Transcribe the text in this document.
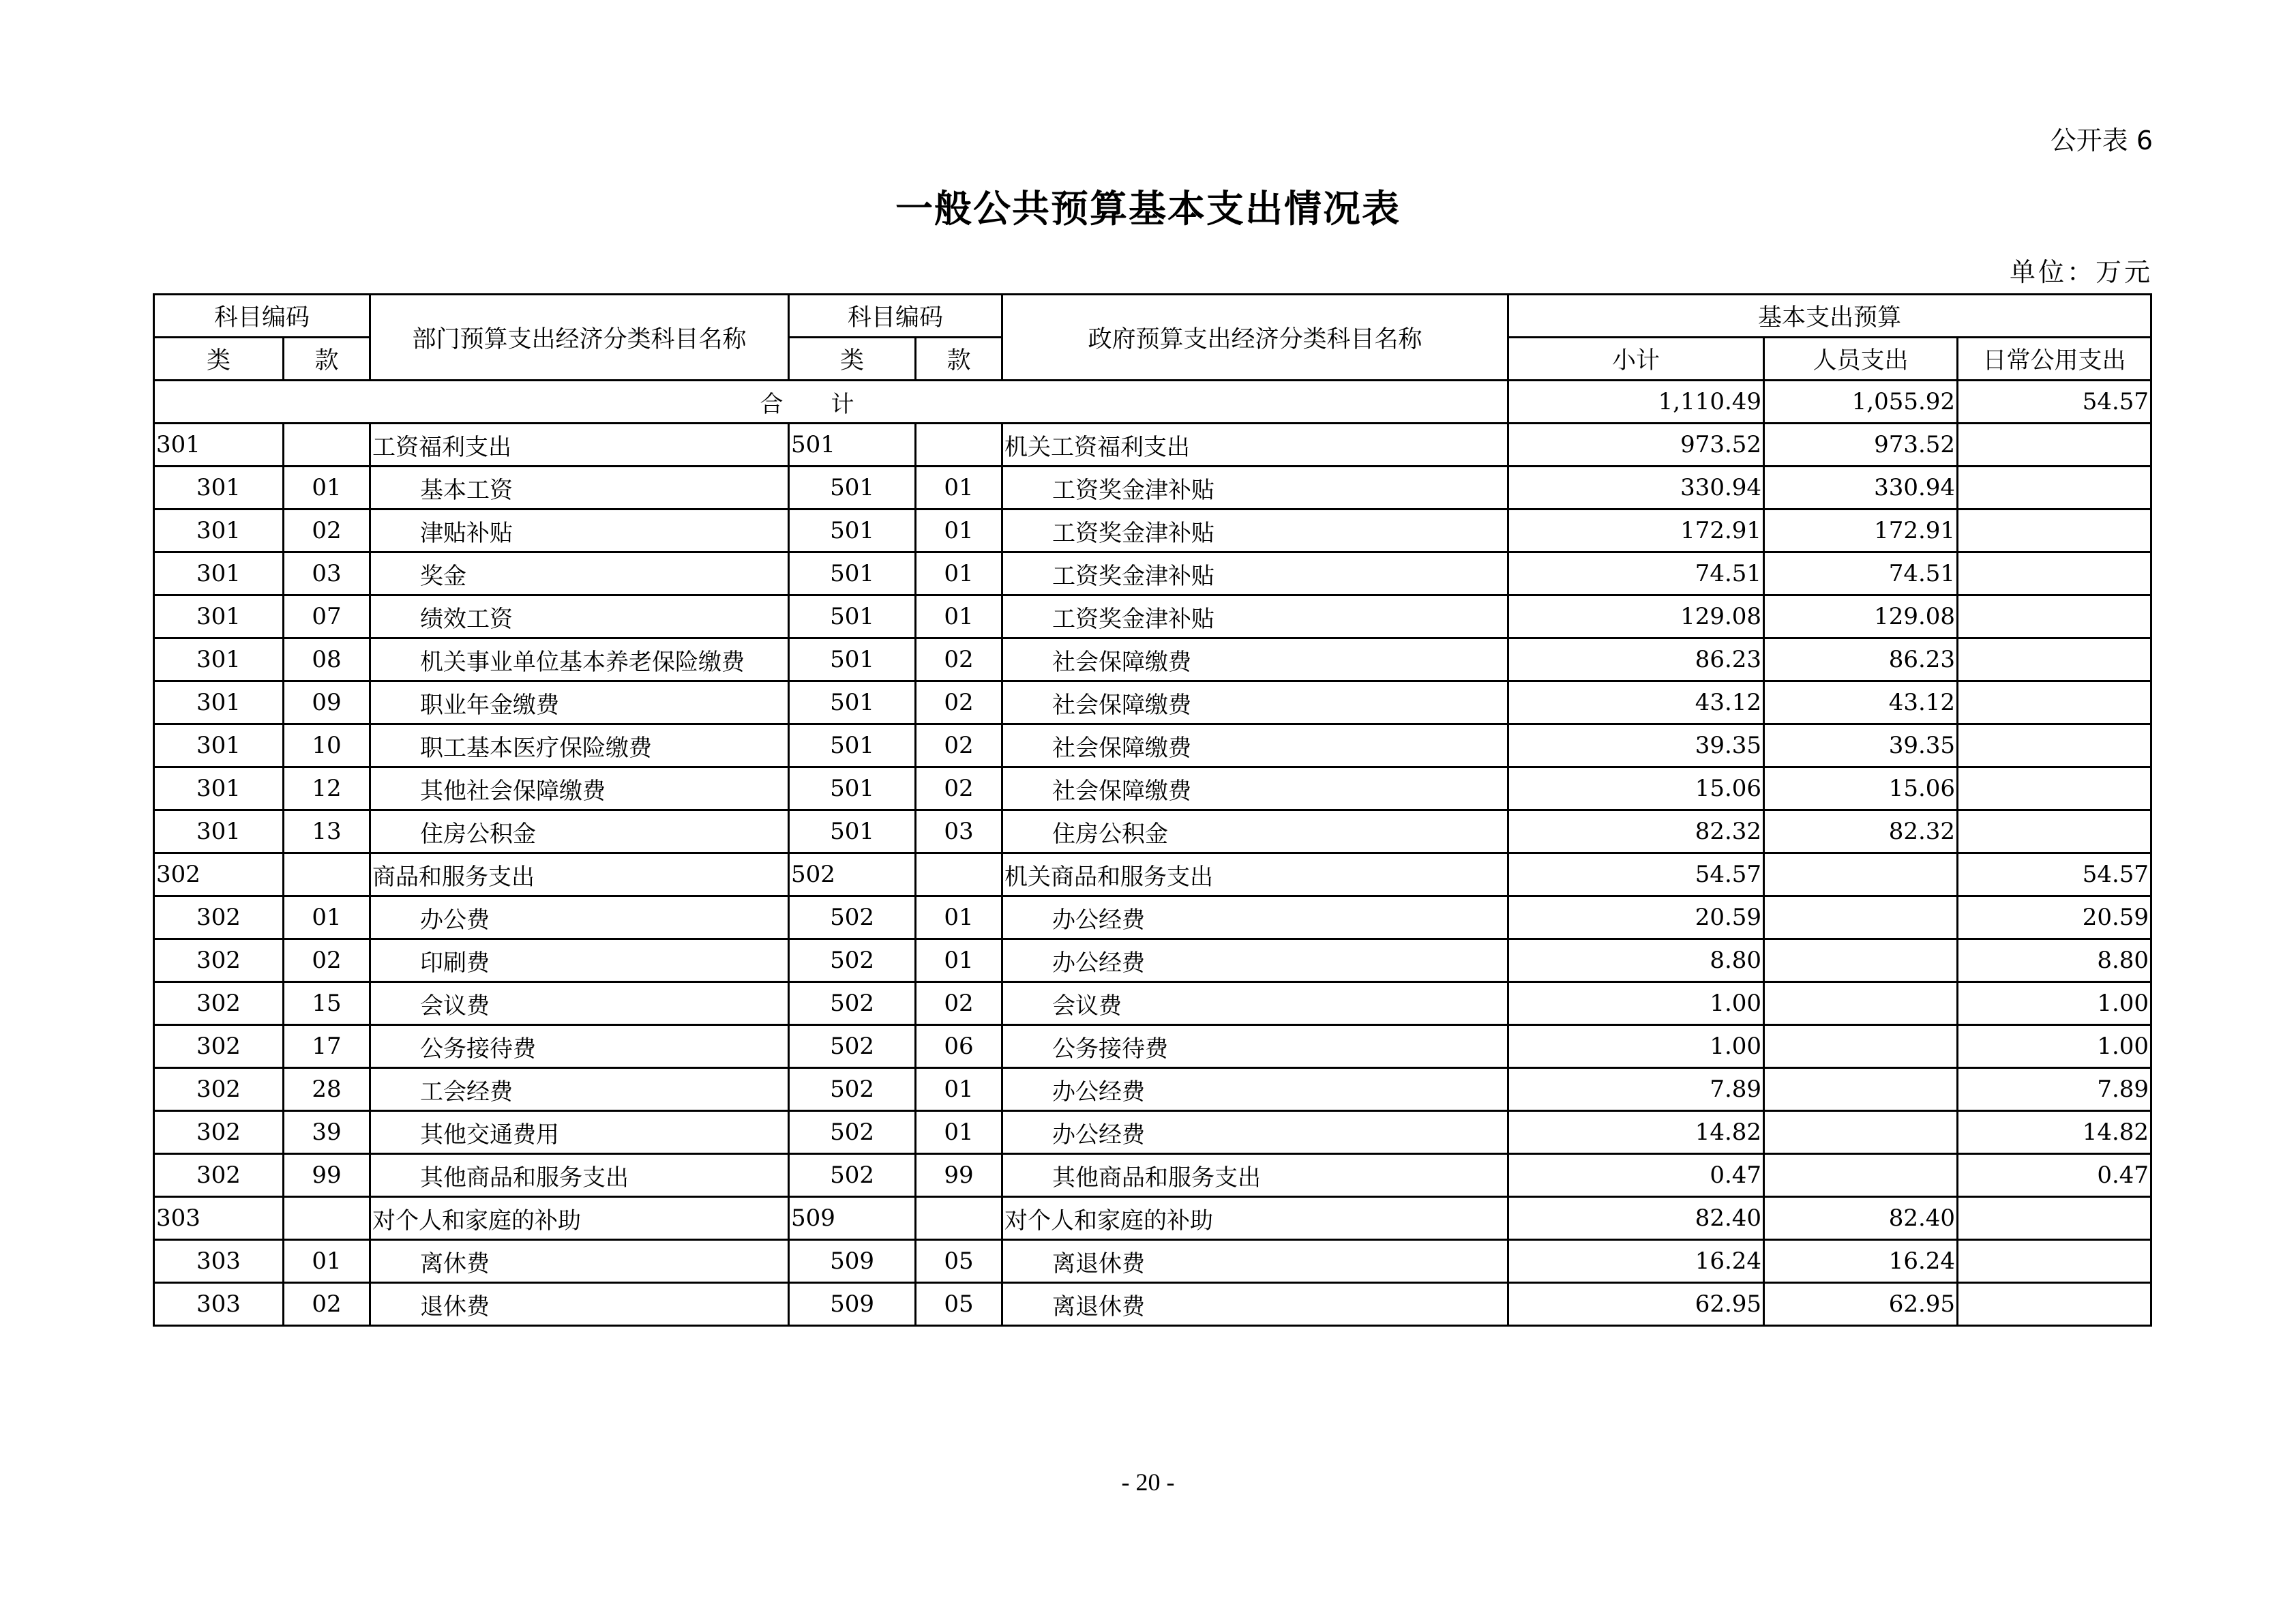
公开表 6
一般公共预算基本支出情况表
单位：万元
科目编码		部门预算支出经济分类科目名称	科目编码		政府预算支出经济分类科目名称	基本支出预算		
类	款		类	款		小计	人员支出	日常公用支出
合计						1,110.49	1,055.92	54.57
301		工资福利支出	501		机关工资福利支出	973.52	973.52	
301	01	基本工资	501	01	工资奖金津补贴	330.94	330.94	
301	02	津贴补贴	501	01	工资奖金津补贴	172.91	172.91	
301	03	奖金	501	01	工资奖金津补贴	74.51	74.51	
301	07	绩效工资	501	01	工资奖金津补贴	129.08	129.08	
301	08	机关事业单位基本养老保险缴费	501	02	社会保障缴费	86.23	86.23	
301	09	职业年金缴费	501	02	社会保障缴费	43.12	43.12	
301	10	职工基本医疗保险缴费	501	02	社会保障缴费	39.35	39.35	
301	12	其他社会保障缴费	501	02	社会保障缴费	15.06	15.06	
301	13	住房公积金	501	03	住房公积金	82.32	82.32	
302		商品和服务支出	502		机关商品和服务支出	54.57		54.57
302	01	办公费	502	01	办公经费	20.59		20.59
302	02	印刷费	502	01	办公经费	8.80		8.80
302	15	会议费	502	02	会议费	1.00		1.00
302	17	公务接待费	502	06	公务接待费	1.00		1.00
302	28	工会经费	502	01	办公经费	7.89		7.89
302	39	其他交通费用	502	01	办公经费	14.82		14.82
302	99	其他商品和服务支出	502	99	其他商品和服务支出	0.47		0.47
303		对个人和家庭的补助	509		对个人和家庭的补助	82.40	82.40	
303	01	离休费	509	05	离退休费	16.24	16.24	
303	02	退休费	509	05	离退休费	62.95	62.95	
- 20 -
